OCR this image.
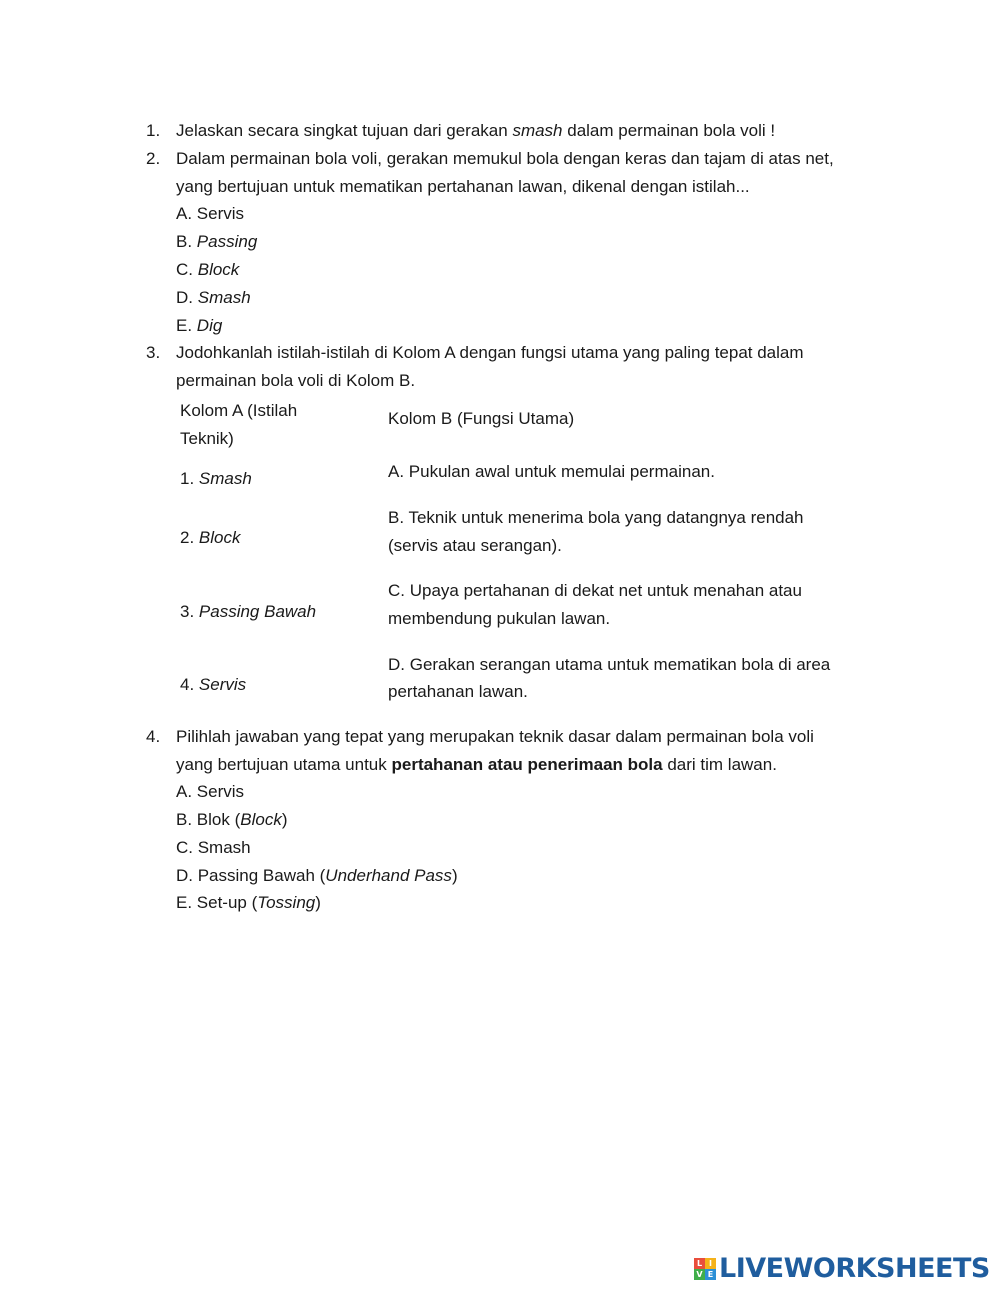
1. Jelaskan secara singkat tujuan dari gerakan smash dalam permainan bola voli !
2. Dalam permainan bola voli, gerakan memukul bola dengan keras dan tajam di atas net,
yang bertujuan untuk mematikan pertahanan lawan, dikenal dengan istilah...
A. Servis
B. Passing
C. Block
D. Smash
E. Dig
3. Jodohkanlah istilah-istilah di Kolom A dengan fungsi utama yang paling tepat dalam
permainan bola voli di Kolom B.
Kolom A (Istilah
Teknik)
Kolom B (Fungsi Utama)
1. Smash
2. Block
3. Passing Bawah
4. Servis
A. Pukulan awal untuk memulai permainan.
B. Teknik untuk menerima bola yang datangnya rendah
(servis atau serangan).
C. Upaya pertahanan di dekat net untuk menahan atau
membendung pukulan lawan.
D. Gerakan serangan utama untuk mematikan bola di area
pertahanan lawan.
4. Pilihlah jawaban yang tepat yang merupakan teknik dasar dalam permainan bola voli
yang bertujuan utama untuk pertahanan atau penerimaan bola dari tim lawan.
A. Servis
B. Blok (Block)
C. Smash
D. Passing Bawah (Underhand Pass)
E. Set-up (Tossing)
L I
V E LIVEWORKSHEETS
